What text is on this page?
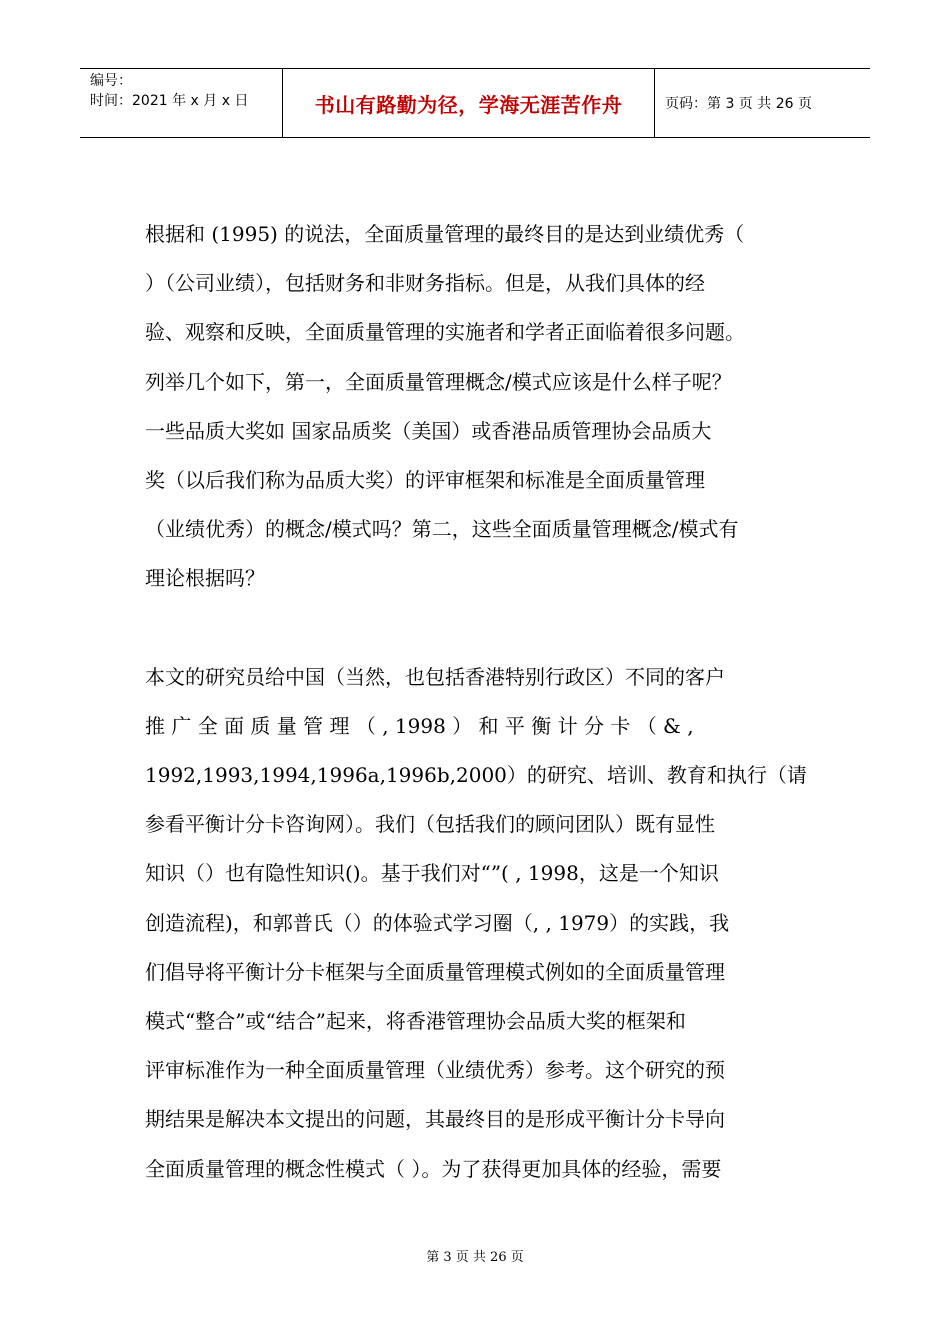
编号：
时间：2021 年 x 月 x 日	书山有路勤为径，学海无涯苦作舟	页码：第 3 页 共 26 页
根据和 (1995) 的说法，全面质量管理的最终目的是达到业绩优秀（
）（公司业绩），包括财务和非财务指标。但是，从我们具体的经
验、观察和反映，全面质量管理的实施者和学者正面临着很多问题。
列举几个如下，第一，全面质量管理概念/模式应该是什么样子呢？
一些品质大奖如 国家品质奖（美国）或香港品质管理协会品质大
奖（以后我们称为品质大奖）的评审框架和标准是全面质量管理
（业绩优秀）的概念/模式吗？第二，这些全面质量管理概念/模式有
理论根据吗？
本文的研究员给中国（当然，也包括香港特别行政区）不同的客户
推 广 全 面 质 量 管 理 （ , 1998 ） 和 平 衡 计 分 卡 （ & ,
1992,1993,1994,1996a,1996b,2000）的研究、培训、教育和执行（请
参看平衡计分卡咨询网）。我们（包括我们的顾问团队）既有显性
知识（）也有隐性知识()。基于我们对“”( , 1998，这是一个知识
创造流程)，和郭普氏（）的体验式学习圈（, , 1979）的实践，我
们倡导将平衡计分卡框架与全面质量管理模式例如的全面质量管理
模式“整合”或“结合”起来，将香港管理协会品质大奖的框架和
评审标准作为一种全面质量管理（业绩优秀）参考。这个研究的预
期结果是解决本文提出的问题，其最终目的是形成平衡计分卡导向
全面质量管理的概念性模式（ ）。为了获得更加具体的经验，需要
第 3 页 共 26 页
